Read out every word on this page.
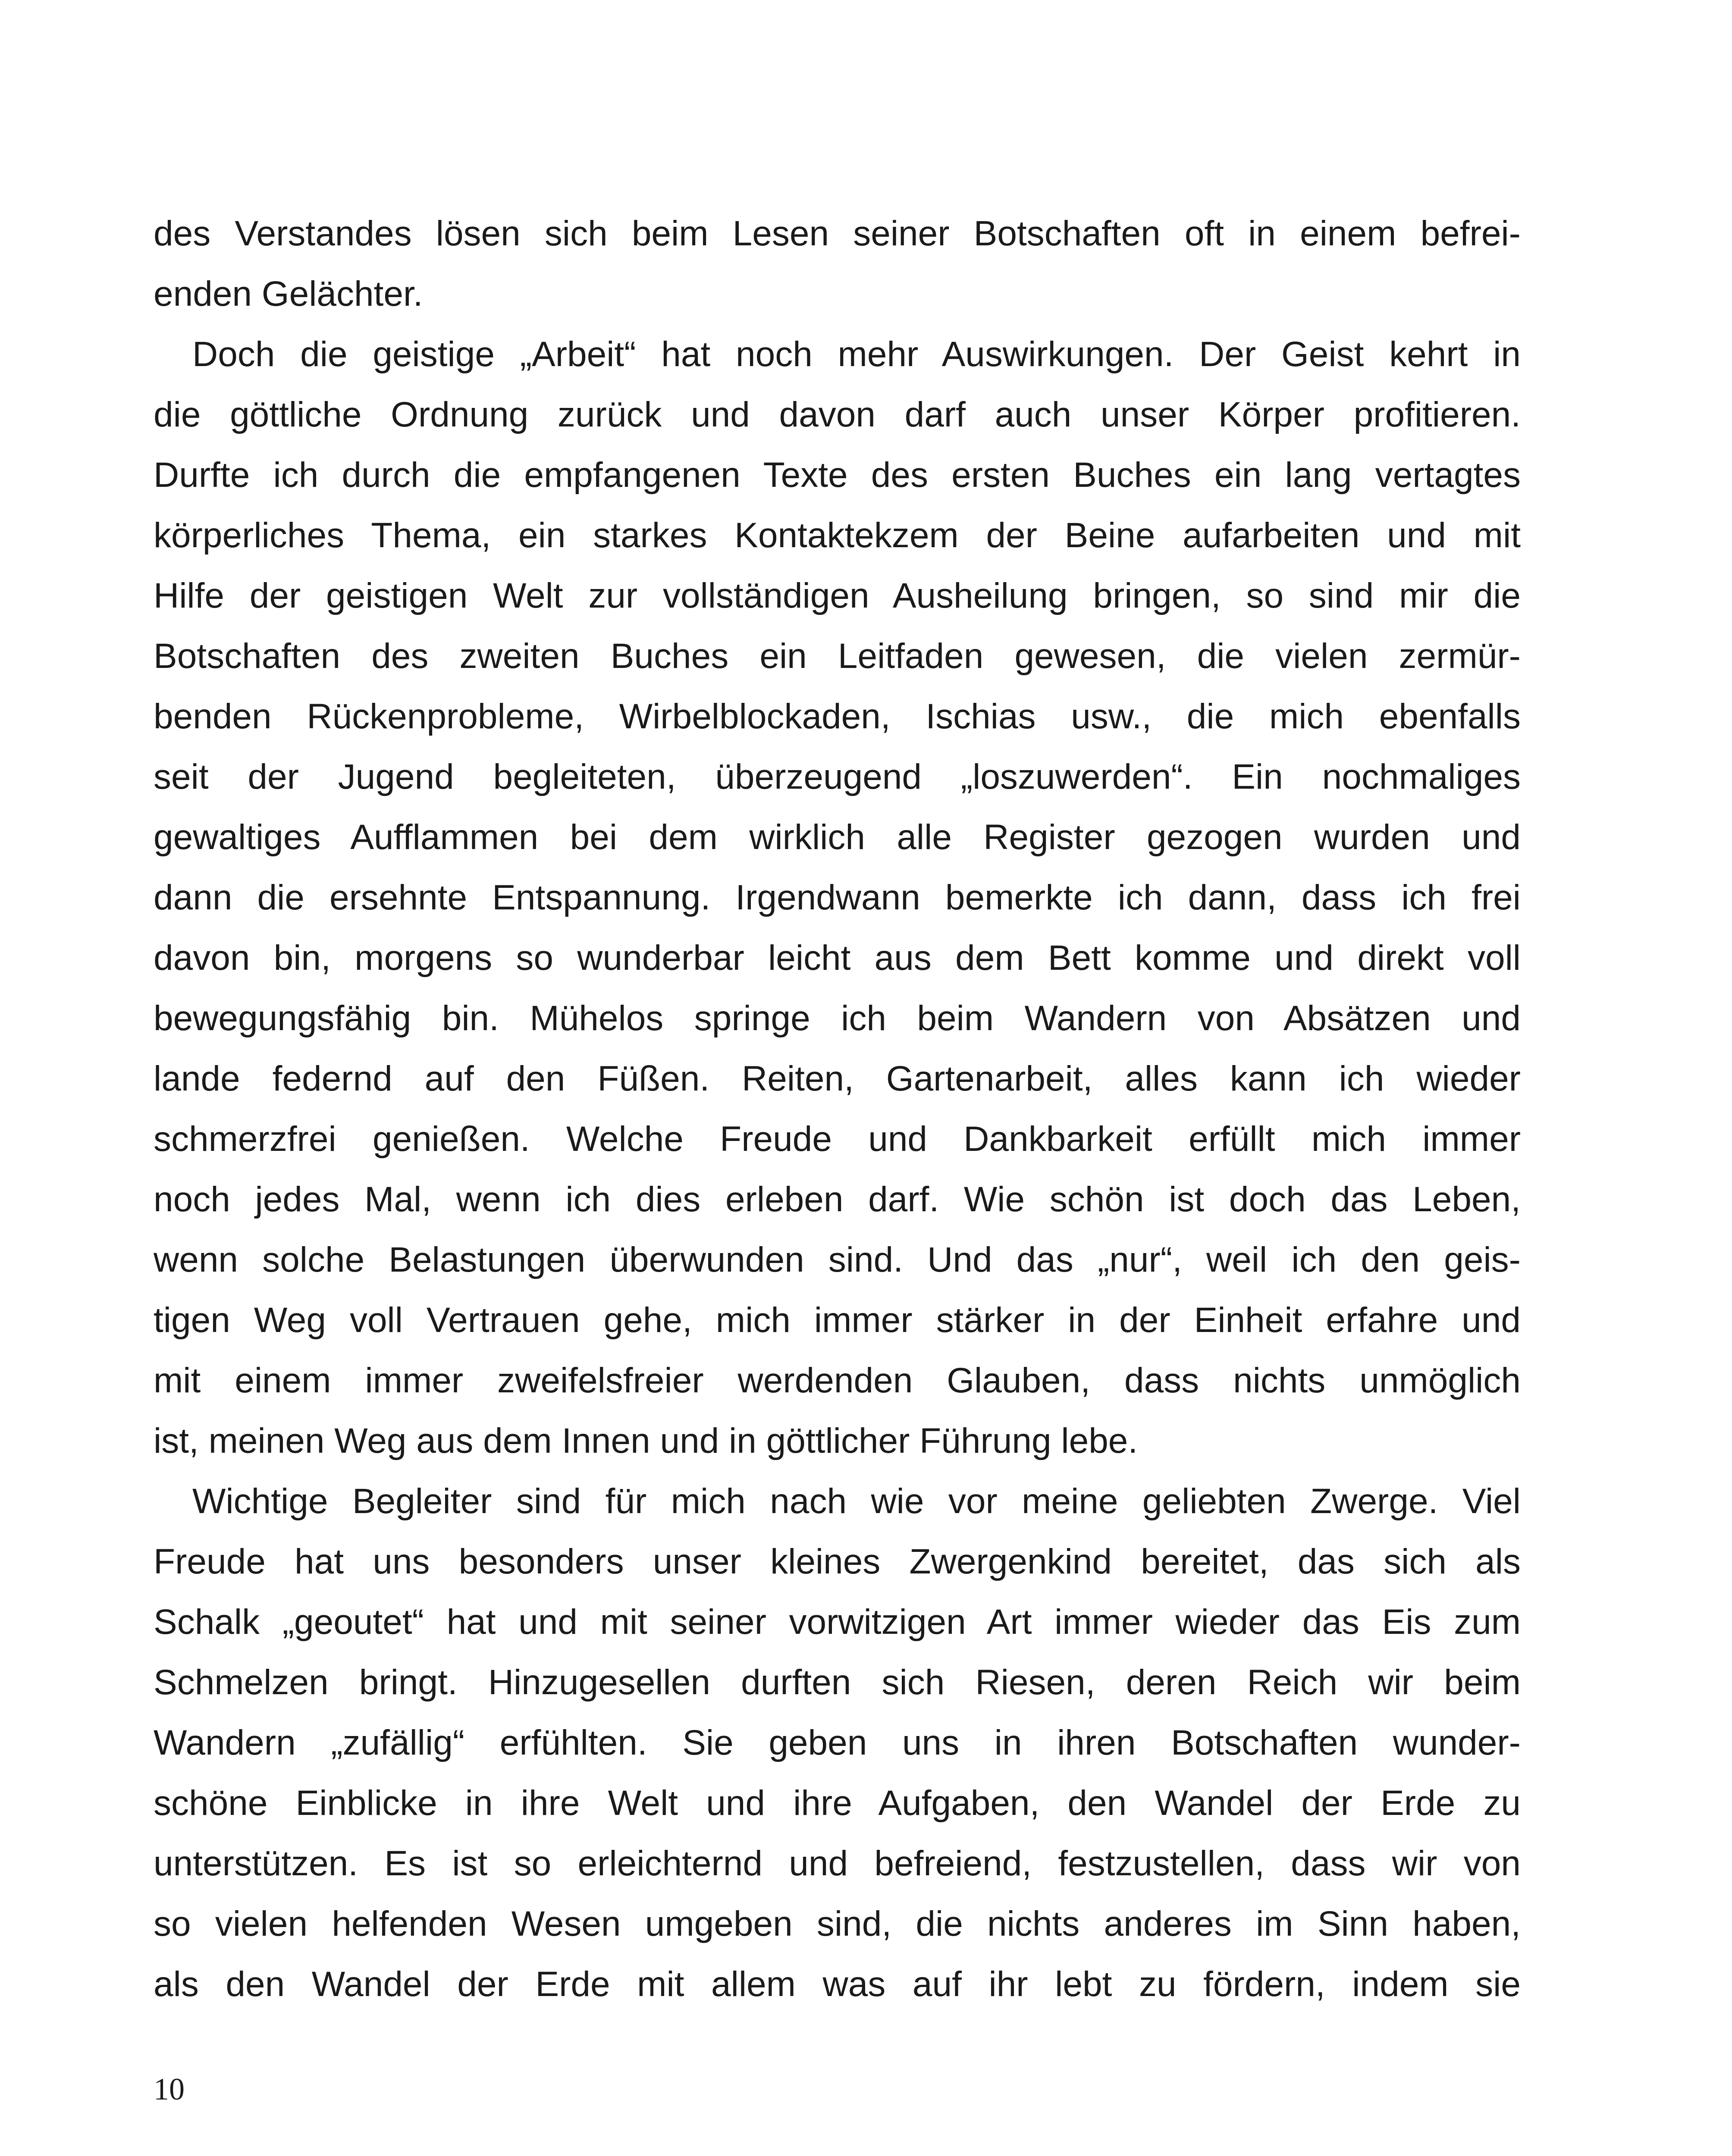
des Verstandes lösen sich beim Lesen seiner Botschaften oft in einem befrei-
enden Gelächter.
Doch die geistige „Arbeit“ hat noch mehr Auswirkungen. Der Geist kehrt in
die göttliche Ordnung zurück und davon darf auch unser Körper profitieren.
Durfte ich durch die empfangenen Texte des ersten Buches ein lang vertagtes
körperliches Thema, ein starkes Kontaktekzem der Beine aufarbeiten und mit
Hilfe der geistigen Welt zur vollständigen Ausheilung bringen, so sind mir die
Botschaften des zweiten Buches ein Leitfaden gewesen, die vielen zermür-
benden Rückenprobleme, Wirbelblockaden, Ischias usw., die mich ebenfalls
seit der Jugend begleiteten, überzeugend „loszuwerden“. Ein nochmaliges
gewaltiges Aufflammen bei dem wirklich alle Register gezogen wurden und
dann die ersehnte Entspannung. Irgendwann bemerkte ich dann, dass ich frei
davon bin, morgens so wunderbar leicht aus dem Bett komme und direkt voll
bewegungsfähig bin. Mühelos springe ich beim Wandern von Absätzen und
lande federnd auf den Füßen. Reiten, Gartenarbeit, alles kann ich wieder
schmerzfrei genießen. Welche Freude und Dankbarkeit erfüllt mich immer
noch jedes Mal, wenn ich dies erleben darf. Wie schön ist doch das Leben,
wenn solche Belastungen überwunden sind. Und das „nur“, weil ich den geis-
tigen Weg voll Vertrauen gehe, mich immer stärker in der Einheit erfahre und
mit einem immer zweifelsfreier werdenden Glauben, dass nichts unmöglich
ist, meinen Weg aus dem Innen und in göttlicher Führung lebe.
Wichtige Begleiter sind für mich nach wie vor meine geliebten Zwerge. Viel
Freude hat uns besonders unser kleines Zwergenkind bereitet, das sich als
Schalk „geoutet“ hat und mit seiner vorwitzigen Art immer wieder das Eis zum
Schmelzen bringt. Hinzugesellen durften sich Riesen, deren Reich wir beim
Wandern „zufällig“ erfühlten. Sie geben uns in ihren Botschaften wunder-
schöne Einblicke in ihre Welt und ihre Aufgaben, den Wandel der Erde zu
unterstützen. Es ist so erleichternd und befreiend, festzustellen, dass wir von
so vielen helfenden Wesen umgeben sind, die nichts anderes im Sinn haben,
als den Wandel der Erde mit allem was auf ihr lebt zu fördern, indem sie
10
